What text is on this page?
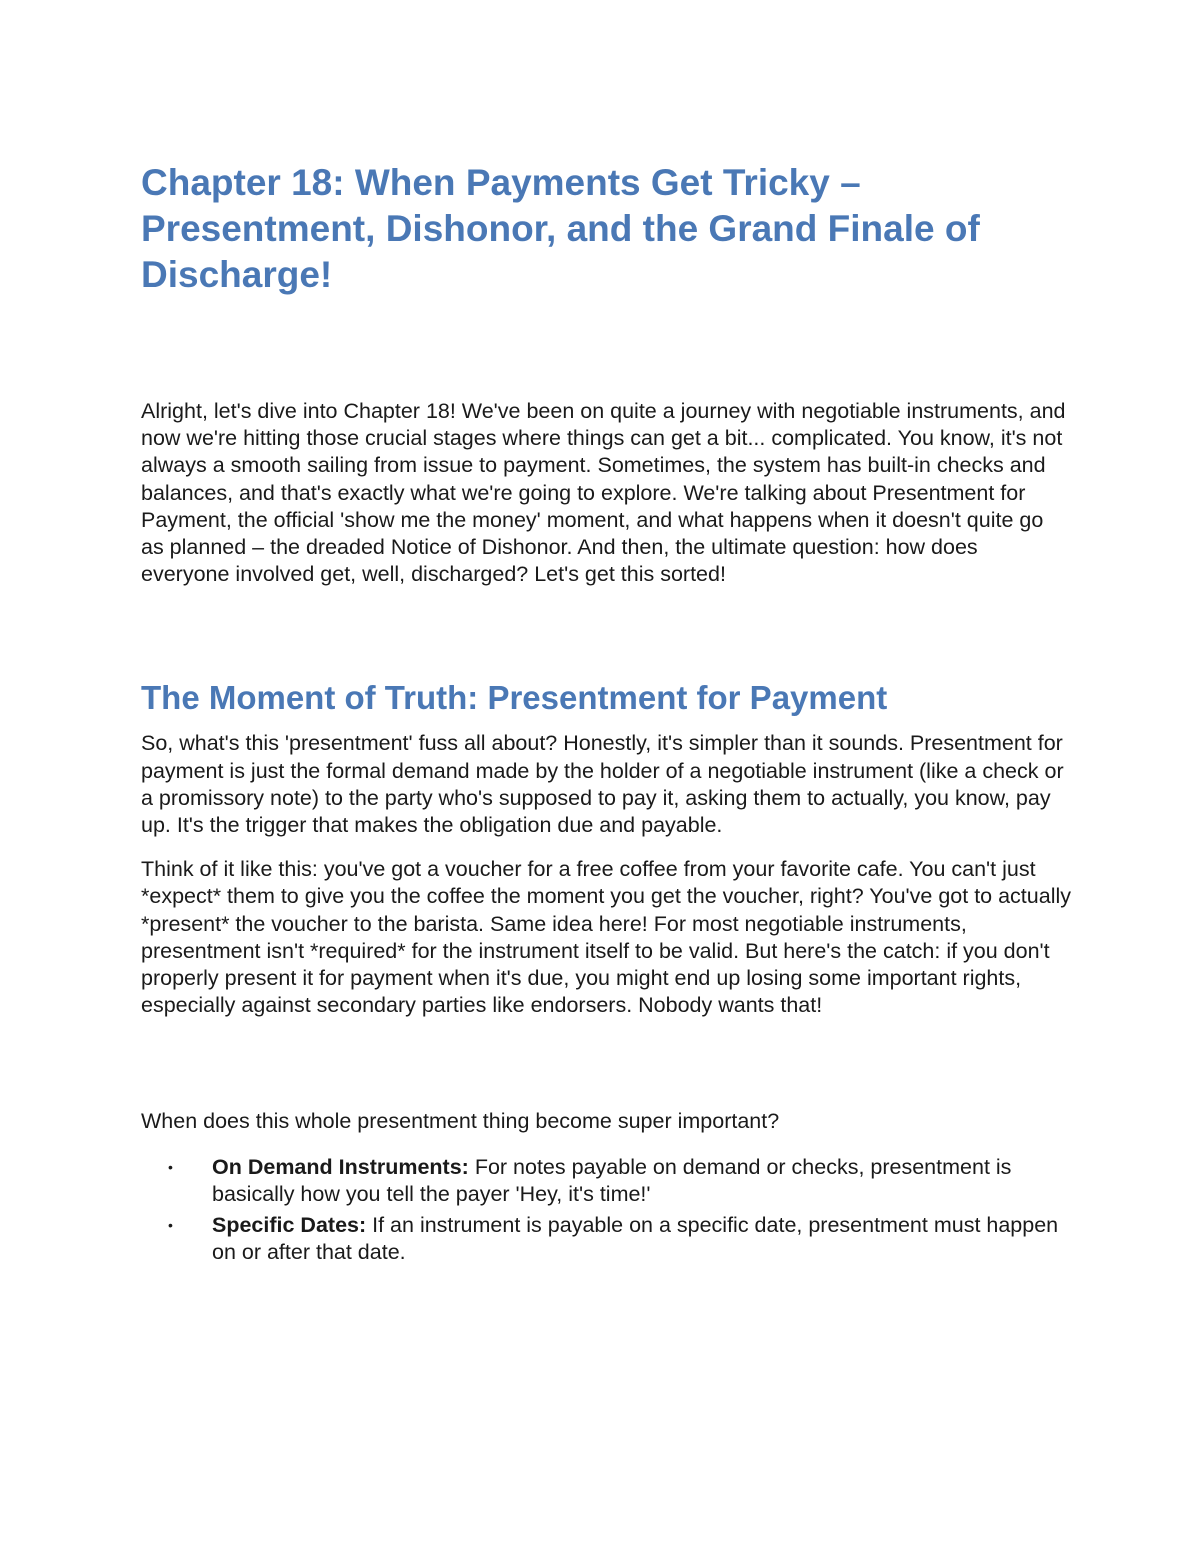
Chapter 18: When Payments Get Tricky – Presentment, Dishonor, and the Grand Finale of Discharge!

Alright, let's dive into Chapter 18! We've been on quite a journey with negotiable instruments, and now we're hitting those crucial stages where things can get a bit... complicated. You know, it's not always a smooth sailing from issue to payment. Sometimes, the system has built-in checks and balances, and that's exactly what we're going to explore. We're talking about Presentment for Payment, the official 'show me the money' moment, and what happens when it doesn't quite go as planned – the dreaded Notice of Dishonor. And then, the ultimate question: how does everyone involved get, well, discharged? Let's get this sorted!

The Moment of Truth: Presentment for Payment

So, what's this 'presentment' fuss all about? Honestly, it's simpler than it sounds. Presentment for payment is just the formal demand made by the holder of a negotiable instrument (like a check or a promissory note) to the party who's supposed to pay it, asking them to actually, you know, pay up. It's the trigger that makes the obligation due and payable.

Think of it like this: you've got a voucher for a free coffee from your favorite cafe. You can't just *expect* them to give you the coffee the moment you get the voucher, right? You've got to actually *present* the voucher to the barista. Same idea here! For most negotiable instruments, presentment isn't *required* for the instrument itself to be valid. But here's the catch: if you don't properly present it for payment when it's due, you might end up losing some important rights, especially against secondary parties like endorsers. Nobody wants that!

When does this whole presentment thing become super important?

• On Demand Instruments: For notes payable on demand or checks, presentment is basically how you tell the payer 'Hey, it's time!'
• Specific Dates: If an instrument is payable on a specific date, presentment must happen on or after that date.
